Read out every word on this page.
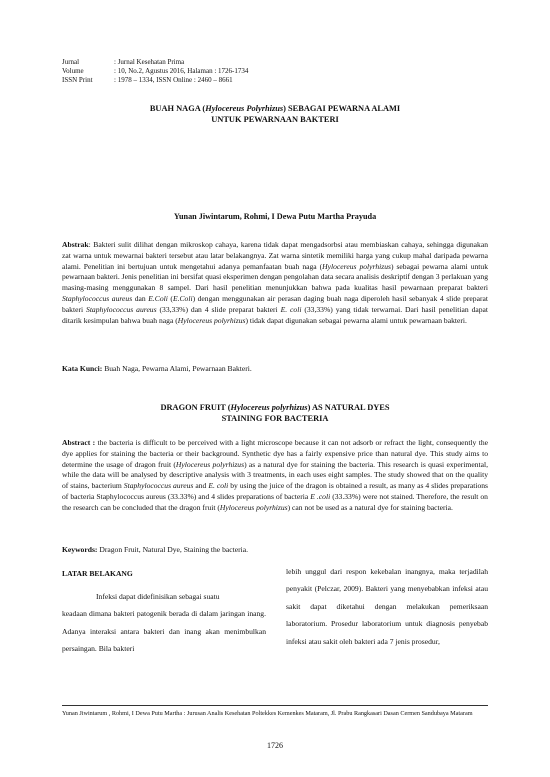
Jurnal	: Jurnal Kesehatan Prima
Volume	: 10, No.2, Agustus 2016, Halaman : 1726-1734
ISSN Print	: 1978 – 1334, ISSN Online : 2460 – 8661
BUAH NAGA (Hylocereus Polyrhizus) SEBAGAI PEWARNA ALAMI
UNTUK PEWARNAAN BAKTERI
Yunan Jiwintarum, Rohmi, I Dewa Putu Martha Prayuda
Abstrak: Bakteri sulit dilihat dengan mikroskop cahaya, karena tidak dapat mengadsorbsi atau membiaskan cahaya, sehingga digunakan zat warna untuk mewarnai bakteri tersebut atau latar belakangnya. Zat warna sintetik memiliki harga yang cukup mahal daripada pewarna alami. Penelitian ini bertujuan untuk mengetahui adanya pemanfaatan buah naga (Hylocereus polyrhizus) sebagai pewarna alami untuk pewarnaan bakteri. Jenis penelitian ini bersifat quasi eksperimen dengan pengolahan data secara analisis deskriptif dengan 3 perlakuan yang masing-masing menggunakan 8 sampel. Dari hasil penelitian menunjukkan bahwa pada kualitas hasil pewarnaan preparat bakteri Staphylococcus aureus dan E.Coli (E.Coli) dengan menggunakan air perasan daging buah naga diperoleh hasil sebanyak 4 slide preparat bakteri Staphylococcus aureus (33,33%) dan 4 slide preparat bakteri E. coli (33,33%) yang tidak terwarnai. Dari hasil penelitian dapat ditarik kesimpulan bahwa buah naga (Hylocereus polyrhizus) tidak dapat digunakan sebagai pewarna alami untuk pewarnaan bakteri.
Kata Kunci: Buah Naga, Pewarna Alami, Pewarnaan Bakteri.
DRAGON FRUIT (Hylocereus polyrhizus) AS NATURAL DYES
STAINING FOR BACTERIA
Abstract : the bacteria is difficult to be perceived with a light microscope because it can not adsorb or refract the light, consequently the dye applies for staining the bacteria or their background. Synthetic dye has a fairly expensive price than natural dye. This study aims to determine the usage of dragon fruit (Hylocereus polyrhizus) as a natural dye for staining the bacteria. This research is quasi experimental, while the data will be analysed by descriptive analysis with 3 treatments, in each uses eight samples. The study showed that on the quality of stains, bacterium Staphylococcus aureus and E. coli by using the juice of the dragon is obtained a result, as many as 4 slides preparations of bacteria Staphylococcus aureus (33.33%) and 4 slides preparations of bacteria E .coli (33.33%) were not stained. Therefore, the result on the research can be concluded that the dragon fruit (Hylocereus polyrhizus) can not be used as a natural dye for staining bacteria.
Keywords: Dragon Fruit, Natural Dye, Staining the bacteria.
LATAR BELAKANG
Infeksi dapat didefinisikan sebagai suatu
keadaan dimana bakteri patogenik berada di dalam jaringan inang. Adanya interaksi antara bakteri dan inang akan menimbulkan persaingan. Bila bakteri
lebih unggul dari respon kekebalan inangnya, maka terjadilah penyakit (Pelczar, 2009). Bakteri yang menyebabkan infeksi atau sakit dapat diketahui dengan melakukan pemeriksaan laboratorium. Prosedur laboratorium untuk diagnosis penyebab infeksi atau sakit oleh bakteri ada 7 jenis prosedur,
Yunan Jiwintarum , Rohmi, I Dewa Putu Martha : Jurusan Analis Kesehatan Poltekkes Kemenkes Mataram, Jl. Prabu Rangkasari Dasan Cermen Sandubaya Mataram
1726
